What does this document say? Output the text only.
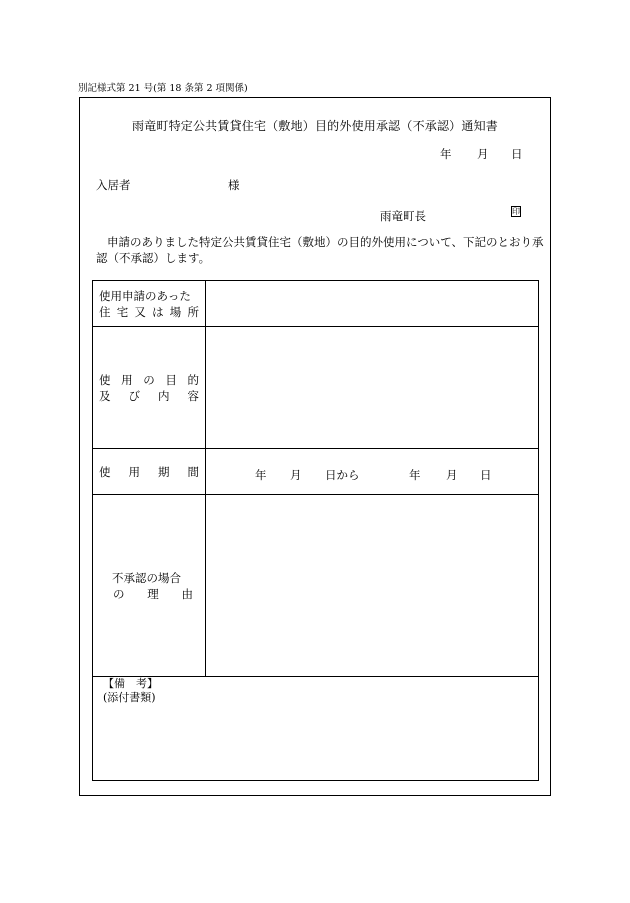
別記様式第 21 号(第 18 条第 2 項関係)
雨竜町特定公共賃貸住宅（敷地）目的外使用承認（不承認）通知書
年 月 日
入居者	様
雨竜町長	印
申請のありました特定公共賃貸住宅（敷地）の目的外使用について、下記のとおり承認（不承認）します。
使用申請のあった
住 宅 又 は 場 所
使 用 の 目 的
及 び 内 容
使 用 期 間	年 月 日から	年 月 日
不承認の場合
の 理 由
【備　考】
(添付書類)
